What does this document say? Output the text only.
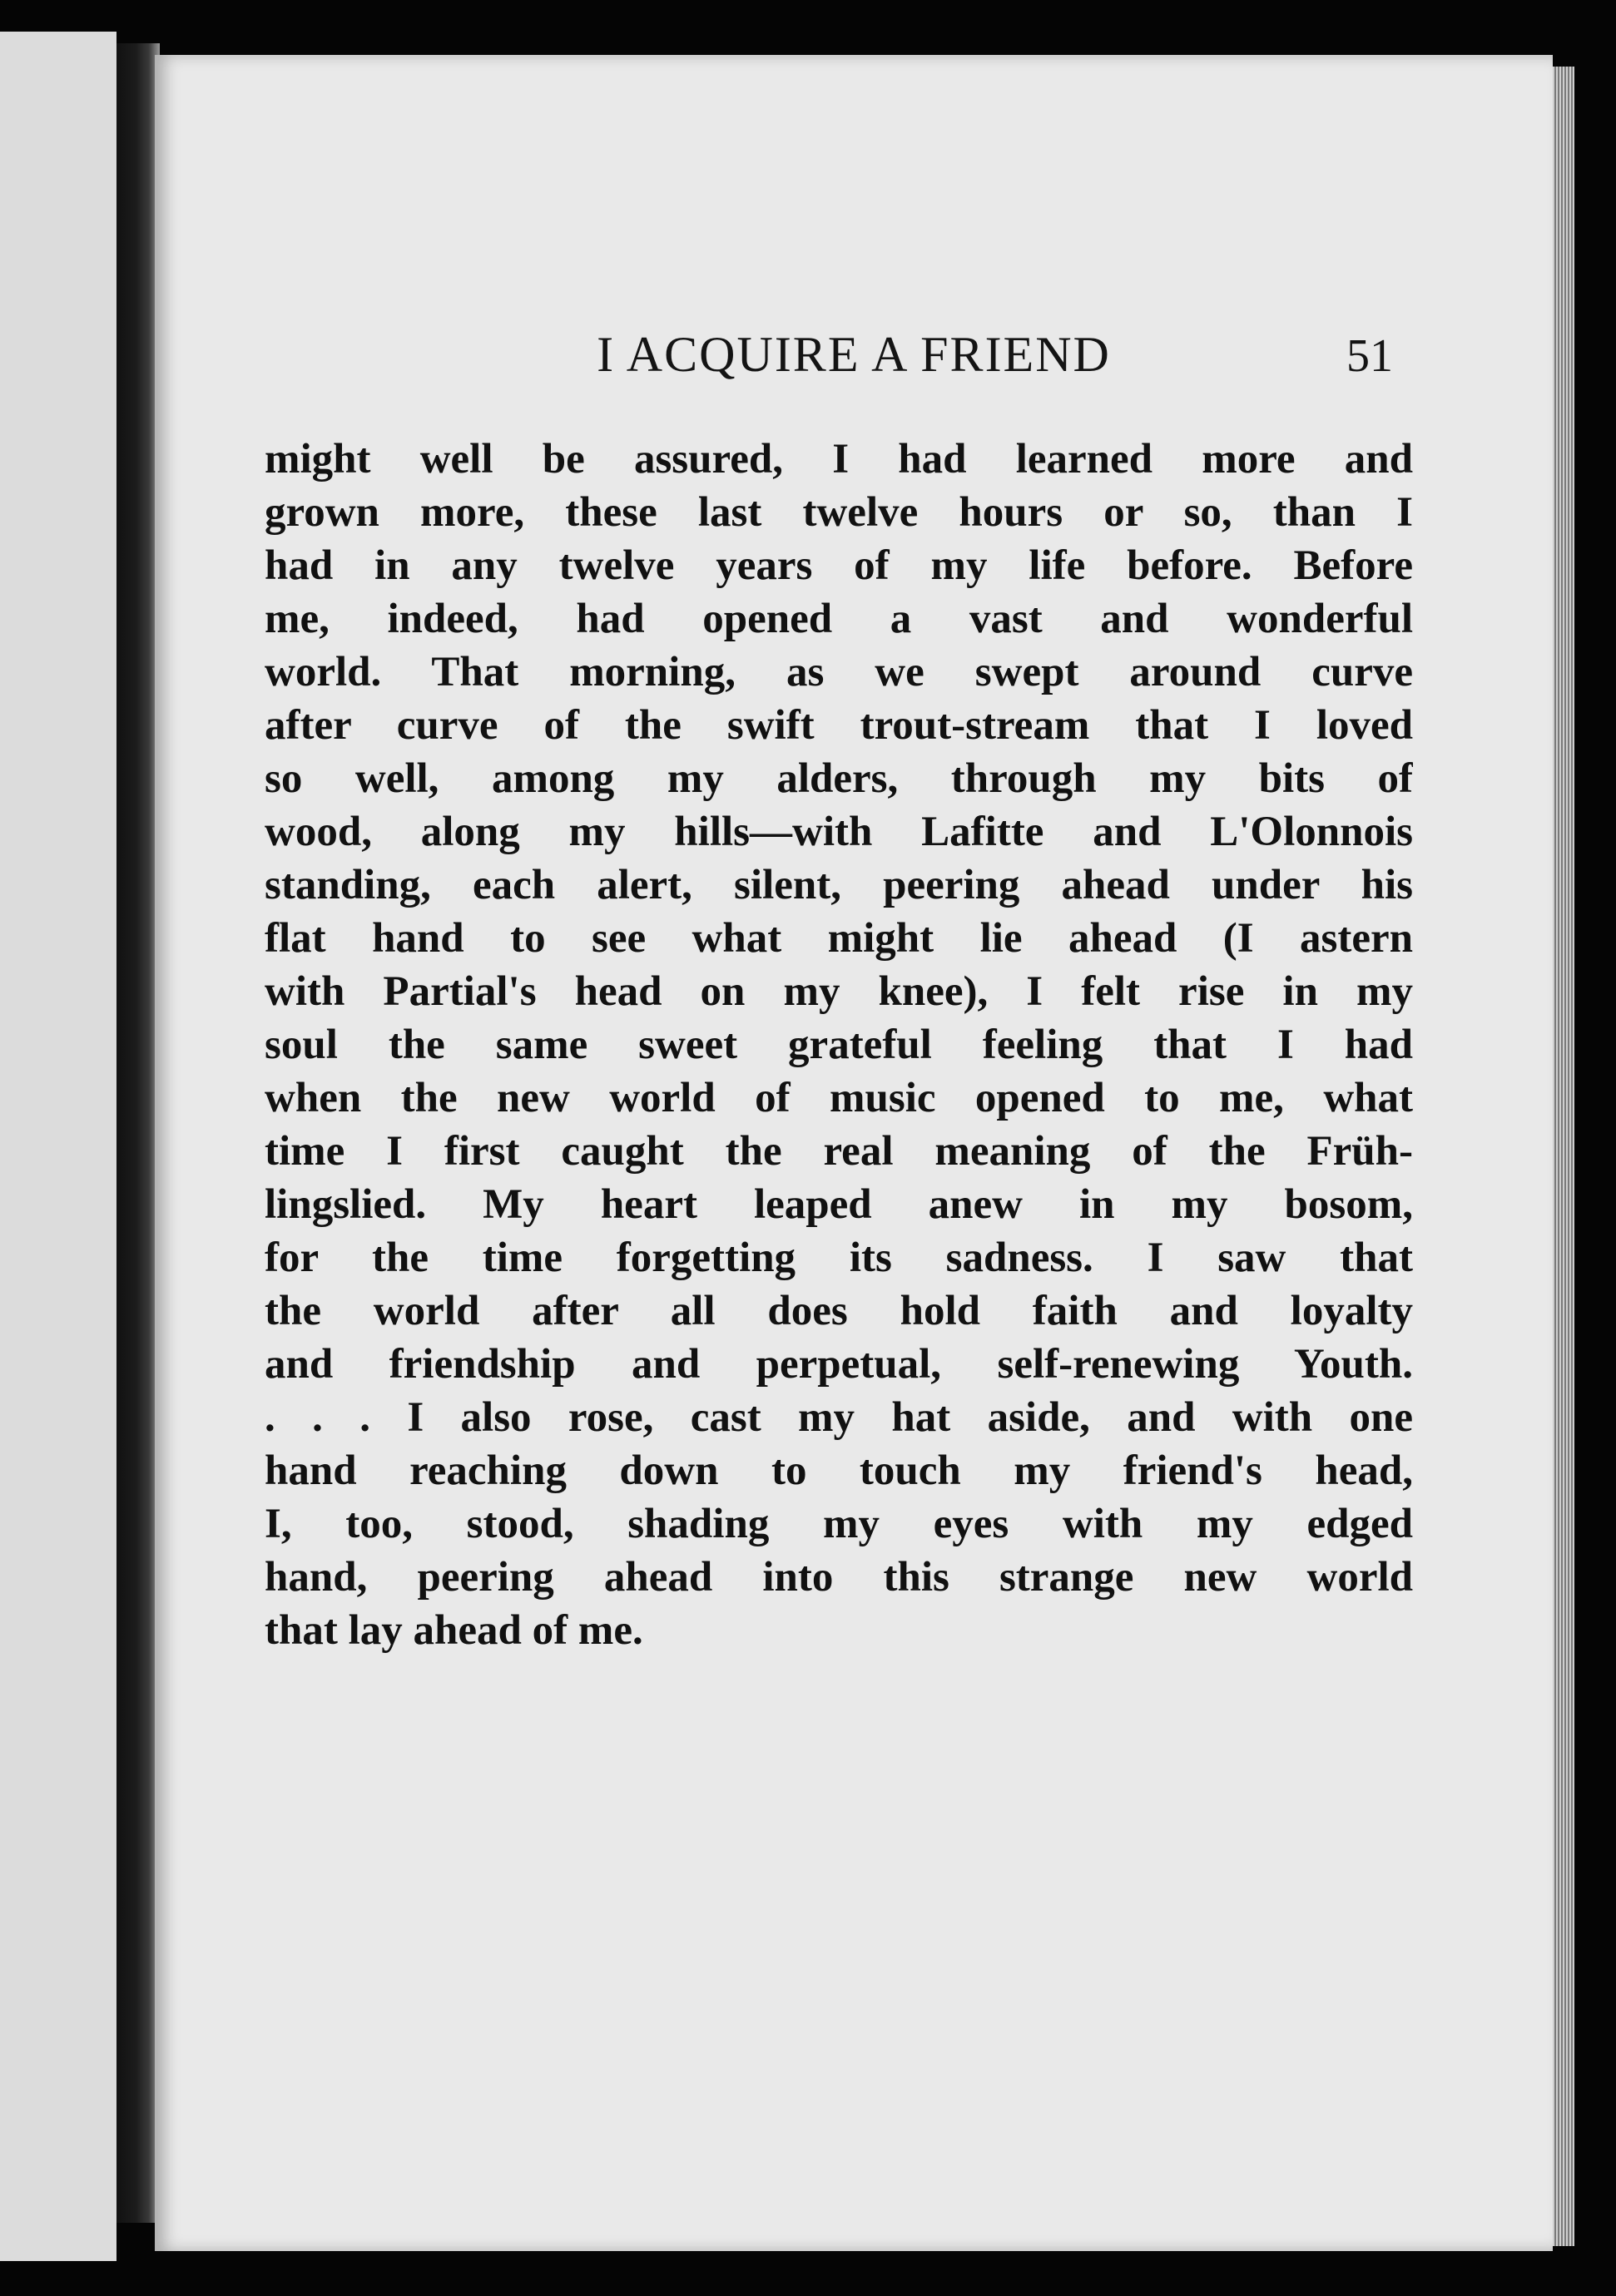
I ACQUIRE A FRIEND	51
might well be assured, I had learned more and
grown more, these last twelve hours or so, than I
had in any twelve years of my life before. Before
me, indeed, had opened a vast and wonderful
world. That morning, as we swept around curve
after curve of the swift trout-stream that I loved
so well, among my alders, through my bits of
wood, along my hills—with Lafitte and L'Olonnois
standing, each alert, silent, peering ahead under his
flat hand to see what might lie ahead (I astern
with Partial's head on my knee), I felt rise in my
soul the same sweet grateful feeling that I had
when the new world of music opened to me, what
time I first caught the real meaning of the Früh-
lingslied. My heart leaped anew in my bosom,
for the time forgetting its sadness. I saw that
the world after all does hold faith and loyalty
and friendship and perpetual, self-renewing Youth.
. . . I also rose, cast my hat aside, and with one
hand reaching down to touch my friend's head,
I, too, stood, shading my eyes with my edged
hand, peering ahead into this strange new world
that lay ahead of me.
